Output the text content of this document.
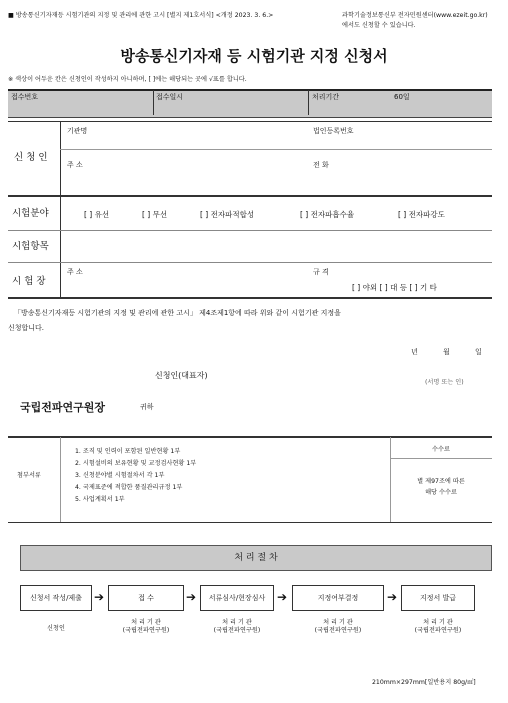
■ 방송통신기자재등 시험기관의 지정 및 관리에 관한 고시 [별지 제1호서식] <개정 2023. 3. 6.>	과학기술정보통신부 전자민원센터(www.ezeit.go.kr)
에서도 신청할 수 있습니다.
방송통신기자재 등 시험기관 지정 신청서
※ 색상이 어두운 칸은 신청인이 작성하지 아니하며, [ ]에는 해당되는 곳에 √표를 합니다.
접수번호	접수일시	처리기간	60일
신 청 인
기관명	법인등록번호
주 소	전 화
시험분야	[ ] 유선	[ ] 무선	[ ] 전자파적합성	[ ] 전자파흡수율	[ ] 전자파강도
시험항목
시 험 장
주 소	규 격
[ ] 야외 [ ] 대 등 [ ] 기 타
「방송통신기자재등 시험기관의 지정 및 관리에 관한 고시」 제4조제1항에 따라 위와 같이 시험기관 지정을
신청합니다.
년	월	일
신청인(대표자)
(서명 또는 인)
국립전파연구원장	귀하
첨부서류
1. 조직 및 인력이 포함된 일반현황 1부
2. 시험설비의 보유현황 및 교정검사현황 1부
3. 신청분야별 시험절차서 각 1부
4. 국제표준에 적합한 품질관리규정 1부
5. 사업계획서 1부
수수료
별 제97조에 따른
해당 수수료
처 리 절 차
신청서 작성/제출 ➔	접 수	➔ 서류심사/현장심사 ➔	지정여부결정 ➔	지정서 발급
신청인
처 리 기 관
(국립전파연구원)
처 리 기 관
(국립전파연구원)
처 리 기 관
(국립전파연구원)
처 리 기 관
(국립전파연구원)
210mm×297mm[일반용지 80g/㎡]
